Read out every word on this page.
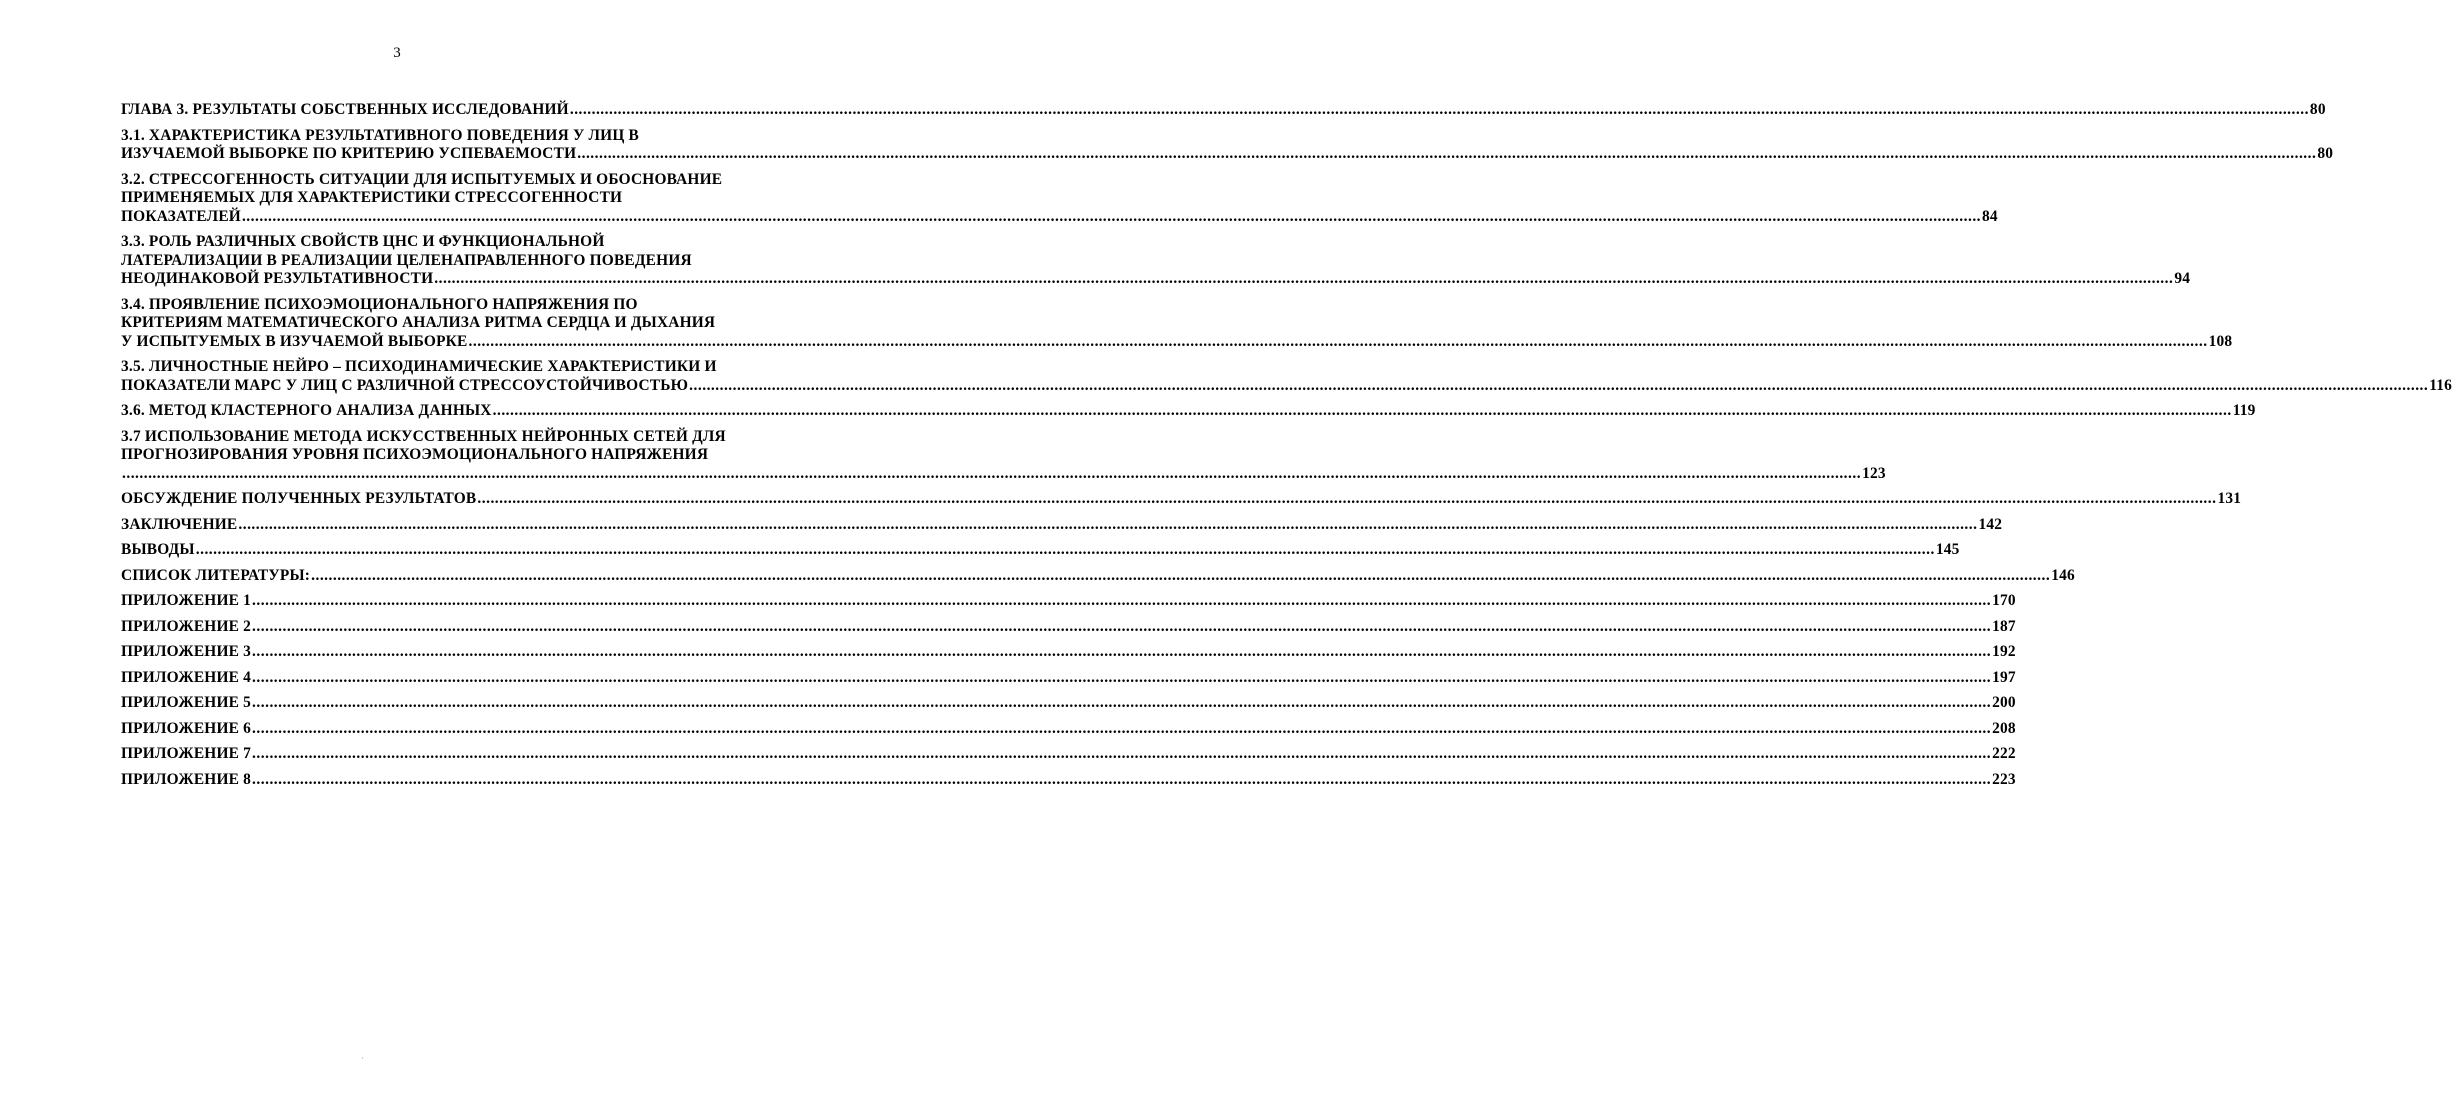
3
ГЛАВА 3. РЕЗУЛЬТАТЫ СОБСТВЕННЫХ ИССЛЕДОВАНИЙ ................................................................................................................................................................................................................................................................................................................................................................................................................ 80
3.1. ХАРАКТЕРИСТИКА РЕЗУЛЬТАТИВНОГО ПОВЕДЕНИЯ У ЛИЦ В
ИЗУЧАЕМОЙ ВЫБОРКЕ ПО КРИТЕРИЮ УСПЕВАЕМОСТИ ................................................................................................................................................................................................................................................................................................................................................................................................................ 80
3.2. СТРЕССОГЕННОСТЬ СИТУАЦИИ ДЛЯ ИСПЫТУЕМЫХ И ОБОСНОВАНИЕ
ПРИМЕНЯЕМЫХ ДЛЯ ХАРАКТЕРИСТИКИ СТРЕССОГЕННОСТИ
ПОКАЗАТЕЛЕЙ ................................................................................................................................................................................................................................................................................................................................................................................................................ 84
3.3. РОЛЬ РАЗЛИЧНЫХ СВОЙСТВ ЦНС И ФУНКЦИОНАЛЬНОЙ
ЛАТЕРАЛИЗАЦИИ В РЕАЛИЗАЦИИ ЦЕЛЕНАПРАВЛЕННОГО ПОВЕДЕНИЯ
НЕОДИНАКОВОЙ РЕЗУЛЬТАТИВНОСТИ ................................................................................................................................................................................................................................................................................................................................................................................................................ 94
3.4. ПРОЯВЛЕНИЕ ПСИХОЭМОЦИОНАЛЬНОГО НАПРЯЖЕНИЯ ПО
КРИТЕРИЯМ МАТЕМАТИЧЕСКОГО АНАЛИЗА РИТМА СЕРДЦА И ДЫХАНИЯ
У ИСПЫТУЕМЫХ В ИЗУЧАЕМОЙ ВЫБОРКЕ ................................................................................................................................................................................................................................................................................................................................................................................................................ 108
3.5. ЛИЧНОСТНЫЕ НЕЙРО – ПСИХОДИНАМИЧЕСКИЕ ХАРАКТЕРИСТИКИ И
ПОКАЗАТЕЛИ МАРС У ЛИЦ С РАЗЛИЧНОЙ СТРЕССОУСТОЙЧИВОСТЬЮ ................................................................................................................................................................................................................................................................................................................................................................................................................ 116
3.6. МЕТОД КЛАСТЕРНОГО АНАЛИЗА ДАННЫХ ................................................................................................................................................................................................................................................................................................................................................................................................................ 119
3.7 ИСПОЛЬЗОВАНИЕ МЕТОДА ИСКУССТВЕННЫХ НЕЙРОННЫХ СЕТЕЙ ДЛЯ
ПРОГНОЗИРОВАНИЯ УРОВНЯ ПСИХОЭМОЦИОНАЛЬНОГО НАПРЯЖЕНИЯ
................................................................................................................................................................................................................................................................................................................................................................................................................ 123
ОБСУЖДЕНИЕ ПОЛУЧЕННЫХ РЕЗУЛЬТАТОВ ................................................................................................................................................................................................................................................................................................................................................................................................................ 131
ЗАКЛЮЧЕНИЕ ................................................................................................................................................................................................................................................................................................................................................................................................................ 142
ВЫВОДЫ ................................................................................................................................................................................................................................................................................................................................................................................................................ 145
СПИСОК ЛИТЕРАТУРЫ: ................................................................................................................................................................................................................................................................................................................................................................................................................ 146
ПРИЛОЖЕНИЕ 1 ................................................................................................................................................................................................................................................................................................................................................................................................................ 170
ПРИЛОЖЕНИЕ 2 ................................................................................................................................................................................................................................................................................................................................................................................................................ 187
ПРИЛОЖЕНИЕ 3 ................................................................................................................................................................................................................................................................................................................................................................................................................ 192
ПРИЛОЖЕНИЕ 4 ................................................................................................................................................................................................................................................................................................................................................................................................................ 197
ПРИЛОЖЕНИЕ 5 ................................................................................................................................................................................................................................................................................................................................................................................................................ 200
ПРИЛОЖЕНИЕ 6 ................................................................................................................................................................................................................................................................................................................................................................................................................ 208
ПРИЛОЖЕНИЕ 7 ................................................................................................................................................................................................................................................................................................................................................................................................................ 222
ПРИЛОЖЕНИЕ 8 ................................................................................................................................................................................................................................................................................................................................................................................................................ 223
·
